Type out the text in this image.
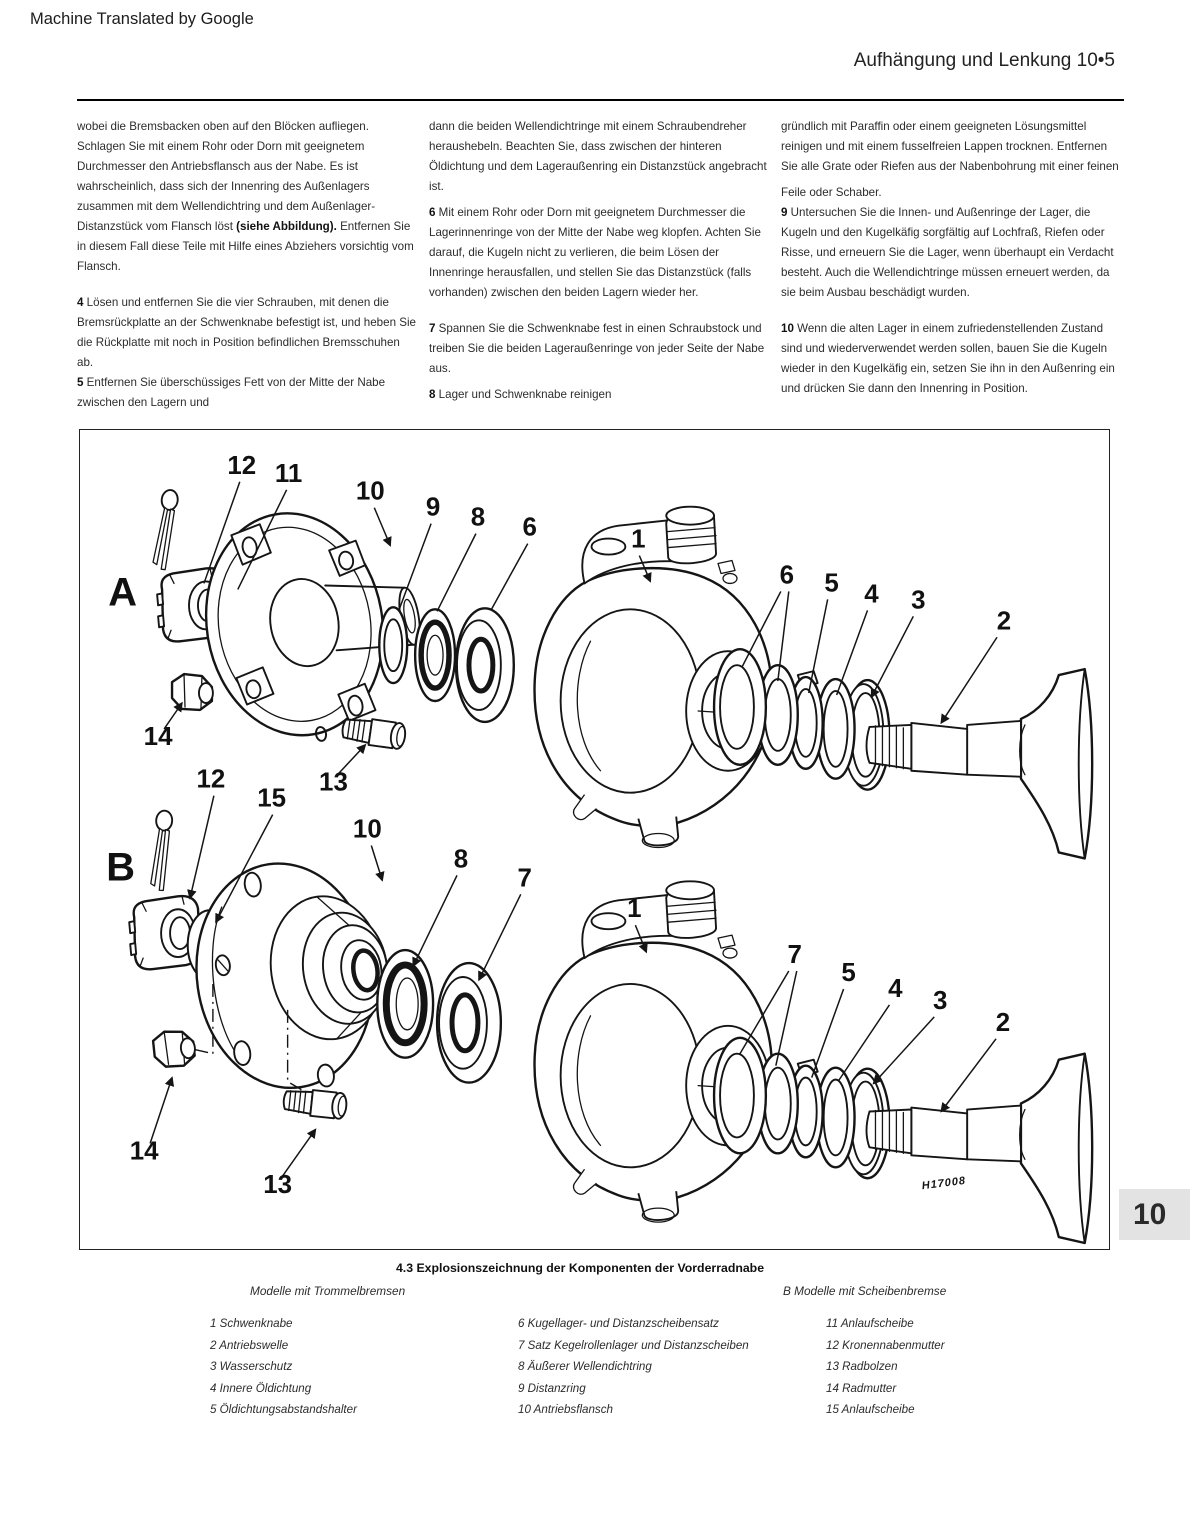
Machine Translated by Google
Aufhängung und Lenkung 10•5
wobei die Bremsbacken oben auf den Blöcken aufliegen. Schlagen Sie mit einem Rohr oder Dorn mit geeignetem Durchmesser den Antriebsflansch aus der Nabe. Es ist wahrscheinlich, dass sich der Innenring des Außenlagers zusammen mit dem Wellendichtring und dem Außenlager-Distanzstück vom Flansch löst (siehe Abbildung). Entfernen Sie in diesem Fall diese Teile mit Hilfe eines Abziehers vorsichtig vom Flansch.
4 Lösen und entfernen Sie die vier Schrauben, mit denen die Bremsrückplatte an der Schwenknabe befestigt ist, und heben Sie die Rückplatte mit noch in Position befindlichen Bremsschuhen ab.
5 Entfernen Sie überschüssiges Fett von der Mitte der Nabe zwischen den Lagern und
dann die beiden Wellendichtringe mit einem Schraubendreher heraushebeln. Beachten Sie, dass zwischen der hinteren Öldichtung und dem Lageraußenring ein Distanzstück angebracht ist.
6 Mit einem Rohr oder Dorn mit geeignetem Durchmesser die Lagerinnenringe von der Mitte der Nabe weg klopfen. Achten Sie darauf, die Kugeln nicht zu verlieren, die beim Lösen der Innenringe herausfallen, und stellen Sie das Distanzstück (falls vorhanden) zwischen den beiden Lagern wieder her.
7 Spannen Sie die Schwenknabe fest in einen Schraubstock und treiben Sie die beiden Lageraußenringe von jeder Seite der Nabe aus.
8 Lager und Schwenknabe reinigen
gründlich mit Paraffin oder einem geeigneten Lösungsmittel reinigen und mit einem fusselfreien Lappen trocknen. Entfernen Sie alle Grate oder Riefen aus der Nabenbohrung mit einer feinen
Feile oder Schaber.
9 Untersuchen Sie die Innen- und Außenringe der Lager, die Kugeln und den Kugelkäfig sorgfältig auf Lochfraß, Riefen oder Risse, und erneuern Sie die Lager, wenn überhaupt ein Verdacht besteht. Auch die Wellendichtringe müssen erneuert werden, da sie beim Ausbau beschädigt wurden.
10 Wenn die alten Lager in einem zufriedenstellenden Zustand sind und wiederverwendet werden sollen, bauen Sie die Kugeln wieder in den Kugelkäfig ein, setzen Sie ihn in den Außenring ein und drücken Sie dann den Innenring in Position.
A
B
H17008
12 11
10
9 8 6	1
6 5 4 3
2
14
13
12
15
10
8
7
1
7
5
4 3
2
14
13
4.3 Explosionszeichnung der Komponenten der Vorderradnabe
Modelle mit Trommelbremsen	B Modelle mit Scheibenbremse
1 Schwenknabe
2 Antriebswelle
3 Wasserschutz
4 Innere Öldichtung
5 Öldichtungsabstandshalter
6 Kugellager- und Distanzscheibensatz
7 Satz Kegelrollenlager und Distanzscheiben
8 Äußerer Wellendichtring
9 Distanzring
10 Antriebsflansch
11 Anlaufscheibe
12 Kronennabenmutter
13 Radbolzen
14 Radmutter
15 Anlaufscheibe
10
